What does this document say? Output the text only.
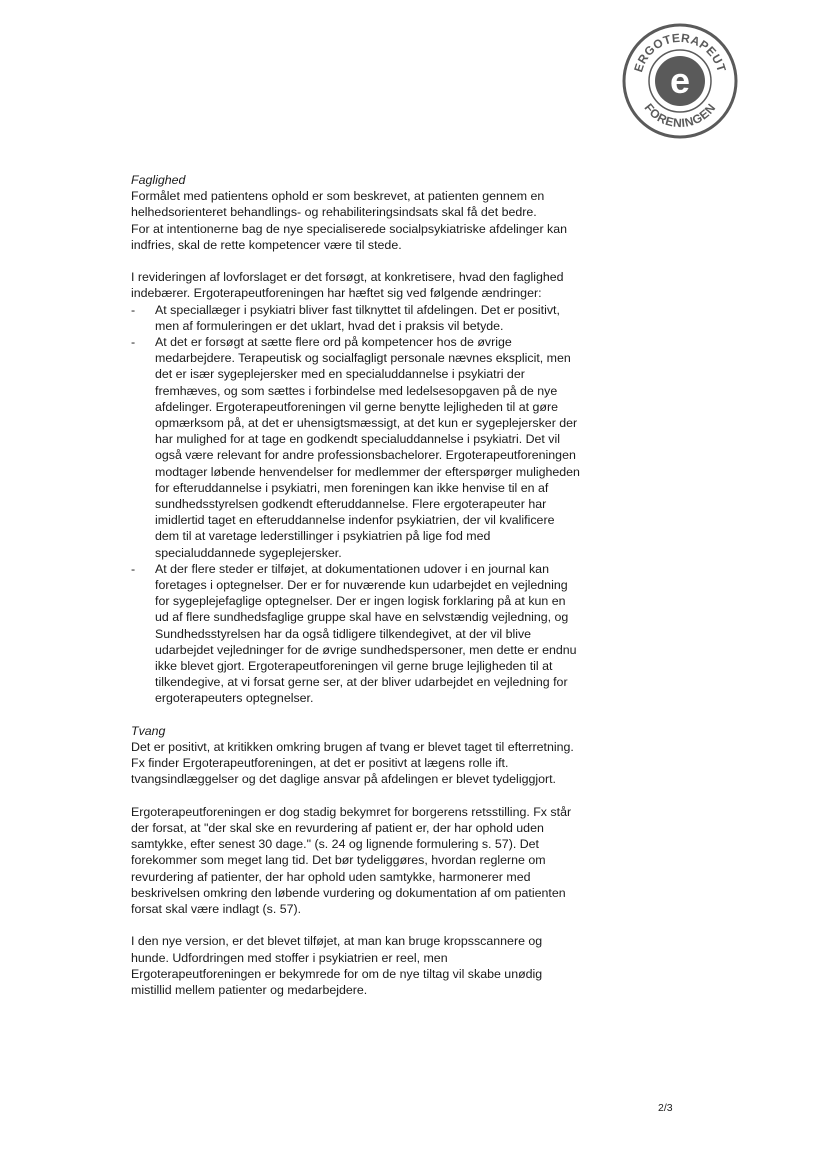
ERGOTERAPEUT
FORENINGEN
e
Faglighed

Formålet med patientens ophold er som beskrevet, at patienten gennem en
helhedsorienteret behandlings- og rehabiliteringsindsats skal få det bedre.
For at intentionerne bag de nye specialiserede socialpsykiatriske afdelinger kan
indfries, skal de rette kompetencer være til stede.

I revideringen af lovforslaget er det forsøgt, at konkretisere, hvad den faglighed
indebærer. Ergoterapeutforeningen har hæftet sig ved følgende ændringer:

- At speciallæger i psykiatri bliver fast tilknyttet til afdelingen. Det er positivt,
men af formuleringen er det uklart, hvad det i praksis vil betyde.
- At det er forsøgt at sætte flere ord på kompetencer hos de øvrige
medarbejdere. Terapeutisk og socialfagligt personale nævnes eksplicit, men
det er især sygeplejersker med en specialuddannelse i psykiatri der
fremhæves, og som sættes i forbindelse med ledelsesopgaven på de nye
afdelinger. Ergoterapeutforeningen vil gerne benytte lejligheden til at gøre
opmærksom på, at det er uhensigtsmæssigt, at det kun er sygeplejersker der
har mulighed for at tage en godkendt specialuddannelse i psykiatri. Det vil
også være relevant for andre professionsbachelorer. Ergoterapeutforeningen
modtager løbende henvendelser for medlemmer der efterspørger muligheden
for efteruddannelse i psykiatri, men foreningen kan ikke henvise til en af
sundhedsstyrelsen godkendt efteruddannelse. Flere ergoterapeuter har
imidlertid taget en efteruddannelse indenfor psykiatrien, der vil kvalificere
dem til at varetage lederstillinger i psykiatrien på lige fod med
specialuddannede sygeplejersker.
- At der flere steder er tilføjet, at dokumentationen udover i en journal kan
foretages i optegnelser. Der er for nuværende kun udarbejdet en vejledning
for sygeplejefaglige optegnelser. Der er ingen logisk forklaring på at kun en
ud af flere sundhedsfaglige gruppe skal have en selvstændig vejledning, og
Sundhedsstyrelsen har da også tidligere tilkendegivet, at der vil blive
udarbejdet vejledninger for de øvrige sundhedspersoner, men dette er endnu
ikke blevet gjort. Ergoterapeutforeningen vil gerne bruge lejligheden til at
tilkendegive, at vi forsat gerne ser, at der bliver udarbejdet en vejledning for
ergoterapeuters optegnelser.
Tvang

Det er positivt, at kritikken omkring brugen af tvang er blevet taget til efterretning.
Fx finder Ergoterapeutforeningen, at det er positivt at lægens rolle ift.
tvangsindlæggelser og det daglige ansvar på afdelingen er blevet tydeliggjort.

Ergoterapeutforeningen er dog stadig bekymret for borgerens retsstilling. Fx står
der forsat, at "der skal ske en revurdering af patient er, der har ophold uden
samtykke, efter senest 30 dage." (s. 24 og lignende formulering s. 57). Det
forekommer som meget lang tid. Det bør tydeliggøres, hvordan reglerne om
revurdering af patienter, der har ophold uden samtykke, harmonerer med
beskrivelsen omkring den løbende vurdering og dokumentation af om patienten
forsat skal være indlagt (s. 57).

I den nye version, er det blevet tilføjet, at man kan bruge kropsscannere og
hunde. Udfordringen med stoffer i psykiatrien er reel, men
Ergoterapeutforeningen er bekymrede for om de nye tiltag vil skabe unødig
mistillid mellem patienter og medarbejdere.

2/3
